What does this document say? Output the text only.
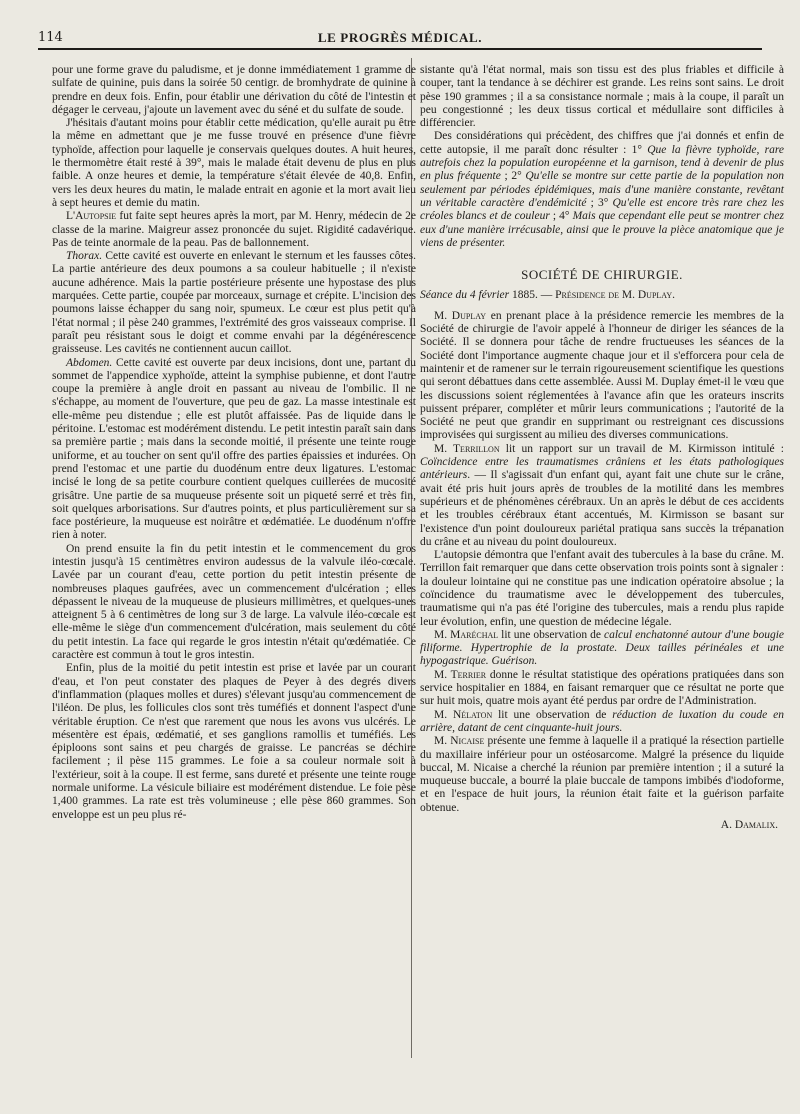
114	LE PROGRÈS MÉDICAL.

pour une forme grave du paludisme, et je donne immédiatement 1 gramme de sulfate de quinine, puis dans la soirée 50 centigr. de bromhydrate de quinine à prendre en deux fois. Enfin, pour établir une dérivation du côté de l'intestin et dégager le cerveau, j'ajoute un lavement avec du séné et du sulfate de soude.

J'hésitais d'autant moins pour établir cette médication, qu'elle aurait pu être la même en admettant que je me fusse trouvé en présence d'une fièvre typhoïde, affection pour laquelle je conservais quelques doutes. A huit heures, le thermomètre était resté à 39°, mais le malade était devenu de plus en plus faible. A onze heures et demie, la température s'était élevée de 40,8. Enfin, vers les deux heures du matin, le malade entrait en agonie et la mort avait lieu à sept heures et demie du matin.

L'Autopsie fut faite sept heures après la mort, par M. Henry, médecin de 2e classe de la marine. Maigreur assez prononcée du sujet. Rigidité cadavérique. Pas de teinte anormale de la peau. Pas de ballonnement.

Thorax. Cette cavité est ouverte en enlevant le sternum et les fausses côtes. La partie antérieure des deux poumons a sa couleur habituelle ; il n'existe aucune adhérence. Mais la partie postérieure présente une hypostase des plus marquées. Cette partie, coupée par morceaux, surnage et crépite. L'incision des poumons laisse échapper du sang noir, spumeux. Le cœur est plus petit qu'à l'état normal ; il pèse 240 grammes, l'extrémité des gros vaisseaux comprise. Il paraît peu résistant sous le doigt et comme envahi par la dégénérescence graisseuse. Les cavités ne contiennent aucun caillot.

Abdomen. Cette cavité est ouverte par deux incisions, dont une, partant du sommet de l'appendice xyphoïde, atteint la symphise pubienne, et dont l'autre coupe la première à angle droit en passant au niveau de l'ombilic. Il ne s'échappe, au moment de l'ouverture, que peu de gaz. La masse intestinale est elle-même peu distendue ; elle est plutôt affaissée. Pas de liquide dans le péritoine. L'estomac est modérément distendu. Le petit intestin paraît sain dans sa première partie ; mais dans la seconde moitié, il présente une teinte rouge uniforme, et au toucher on sent qu'il offre des parties épaissies et indurées. On prend l'estomac et une partie du duodénum entre deux ligatures. L'estomac incisé le long de sa petite courbure contient quelques cuillerées de mucosité grisâtre. Une partie de sa muqueuse présente soit un piqueté serré et très fin, soit quelques arborisations. Sur d'autres points, et plus particulièrement sur sa face postérieure, la muqueuse est noirâtre et œdématiée. Le duodénum n'offre rien à noter.

On prend ensuite la fin du petit intestin et le commencement du gros intestin jusqu'à 15 centimètres environ audessus de la valvule iléo-cœcale. Lavée par un courant d'eau, cette portion du petit intestin présente de nombreuses plaques gaufrées, avec un commencement d'ulcération ; elles dépassent le niveau de la muqueuse de plusieurs millimètres, et quelques-unes atteignent 5 à 6 centimètres de long sur 3 de large. La valvule iléo-cœcale est elle-même le siège d'un commencement d'ulcération, mais seulement du côté du petit intestin. La face qui regarde le gros intestin n'était qu'œdématiée. Ce caractère est commun à tout le gros intestin.

Enfin, plus de la moitié du petit intestin est prise et lavée par un courant d'eau, et l'on peut constater des plaques de Peyer à des degrés divers d'inflammation (plaques molles et dures) s'élevant jusqu'au commencement de l'iléon. De plus, les follicules clos sont très tuméfiés et donnent l'aspect d'une véritable éruption. Ce n'est que rarement que nous les avons vus ulcérés. Le mésentère est épais, œdématié, et ses ganglions ramollis et tuméfiés. Les épiploons sont sains et peu chargés de graisse. Le pancréas se déchire facilement ; il pèse 115 grammes. Le foie a sa couleur normale soit à l'extérieur, soit à la coupe. Il est ferme, sans dureté et présente une teinte rouge normale uniforme. La vésicule biliaire est modérément distendue. Le foie pèse 1,400 grammes. La rate est très volumineuse ; elle pèse 860 grammes. Son enveloppe est un peu plus ré-

sistante qu'à l'état normal, mais son tissu est des plus friables et difficile à couper, tant la tendance à se déchirer est grande. Les reins sont sains. Le droit pèse 190 grammes ; il a sa consistance normale ; mais à la coupe, il paraît un peu congestionné ; les deux tissus cortical et médullaire sont difficiles à différencier.

Des considérations qui précèdent, des chiffres que j'ai donnés et enfin de cette autopsie, il me paraît donc résulter : 1° Que la fièvre typhoïde, rare autrefois chez la population européenne et la garnison, tend à devenir de plus en plus fréquente ; 2° Qu'elle se montre sur cette partie de la population non seulement par périodes épidémiques, mais d'une manière constante, revêtant un véritable caractère d'endémicité ; 3° Qu'elle est encore très rare chez les créoles blancs et de couleur ; 4° Mais que cependant elle peut se montrer chez eux d'une manière irrécusable, ainsi que le prouve la pièce anatomique que je viens de présenter.

SOCIÉTÉ DE CHIRURGIE.

Séance du 4 février 1885. — Présidence de M. Duplay.

M. Duplay en prenant place à la présidence remercie les membres de la Société de chirurgie de l'avoir appelé à l'honneur de diriger les séances de la Société. Il se donnera pour tâche de rendre fructueuses les séances de la Société dont l'importance augmente chaque jour et il s'efforcera pour cela de maintenir et de ramener sur le terrain rigoureusement scientifique les questions qui seront débattues dans cette assemblée. Aussi M. Duplay émet-il le vœu que les discussions soient réglementées à l'avance afin que les orateurs inscrits puissent préparer, compléter et mûrir leurs communications ; l'autorité de la Société ne peut que grandir en supprimant ou restreignant ces discussions improvisées qui surgissent au milieu des diverses communications.

M. Terrillon lit un rapport sur un travail de M. Kirmisson intitulé : Coïncidence entre les traumatismes crâniens et les états pathologiques antérieurs. — Il s'agissait d'un enfant qui, ayant fait une chute sur le crâne, avait été pris huit jours après de troubles de la motilité dans les membres supérieurs et de phénomènes cérébraux. Un an après le début de ces accidents et les troubles cérébraux étant accentués, M. Kirmisson se basant sur l'existence d'un point douloureux pariétal pratiqua sans succès la trépanation du crâne et au niveau du point douloureux.

L'autopsie démontra que l'enfant avait des tubercules à la base du crâne. M. Terrillon fait remarquer que dans cette observation trois points sont à signaler : la douleur lointaine qui ne constitue pas une indication opératoire absolue ; la coïncidence du traumatisme avec le développement des tubercules, traumatisme qui n'a pas été l'origine des tubercules, mais a rendu plus rapide leur évolution, enfin, une question de médecine légale.

M. Maréchal lit une observation de calcul enchatonné autour d'une bougie filiforme. Hypertrophie de la prostate. Deux tailles périnéales et une hypogastrique. Guérison.

M. Terrier donne le résultat statistique des opérations pratiquées dans son service hospitalier en 1884, en faisant remarquer que ce résultat ne porte que sur huit mois, quatre mois ayant été perdus par ordre de l'Administration.

M. Nélaton lit une observation de réduction de luxation du coude en arrière, datant de cent cinquante-huit jours.

M. Nicaise présente une femme à laquelle il a pratiqué la résection partielle du maxillaire inférieur pour un ostéosarcome. Malgré la présence du liquide buccal, M. Nicaise a cherché la réunion par première intention ; il a suturé la muqueuse buccale, a bourré la plaie buccale de tampons imbibés d'iodoforme, et en l'espace de huit jours, la réunion était faite et la guérison parfaite obtenue.

A. Damalix.
